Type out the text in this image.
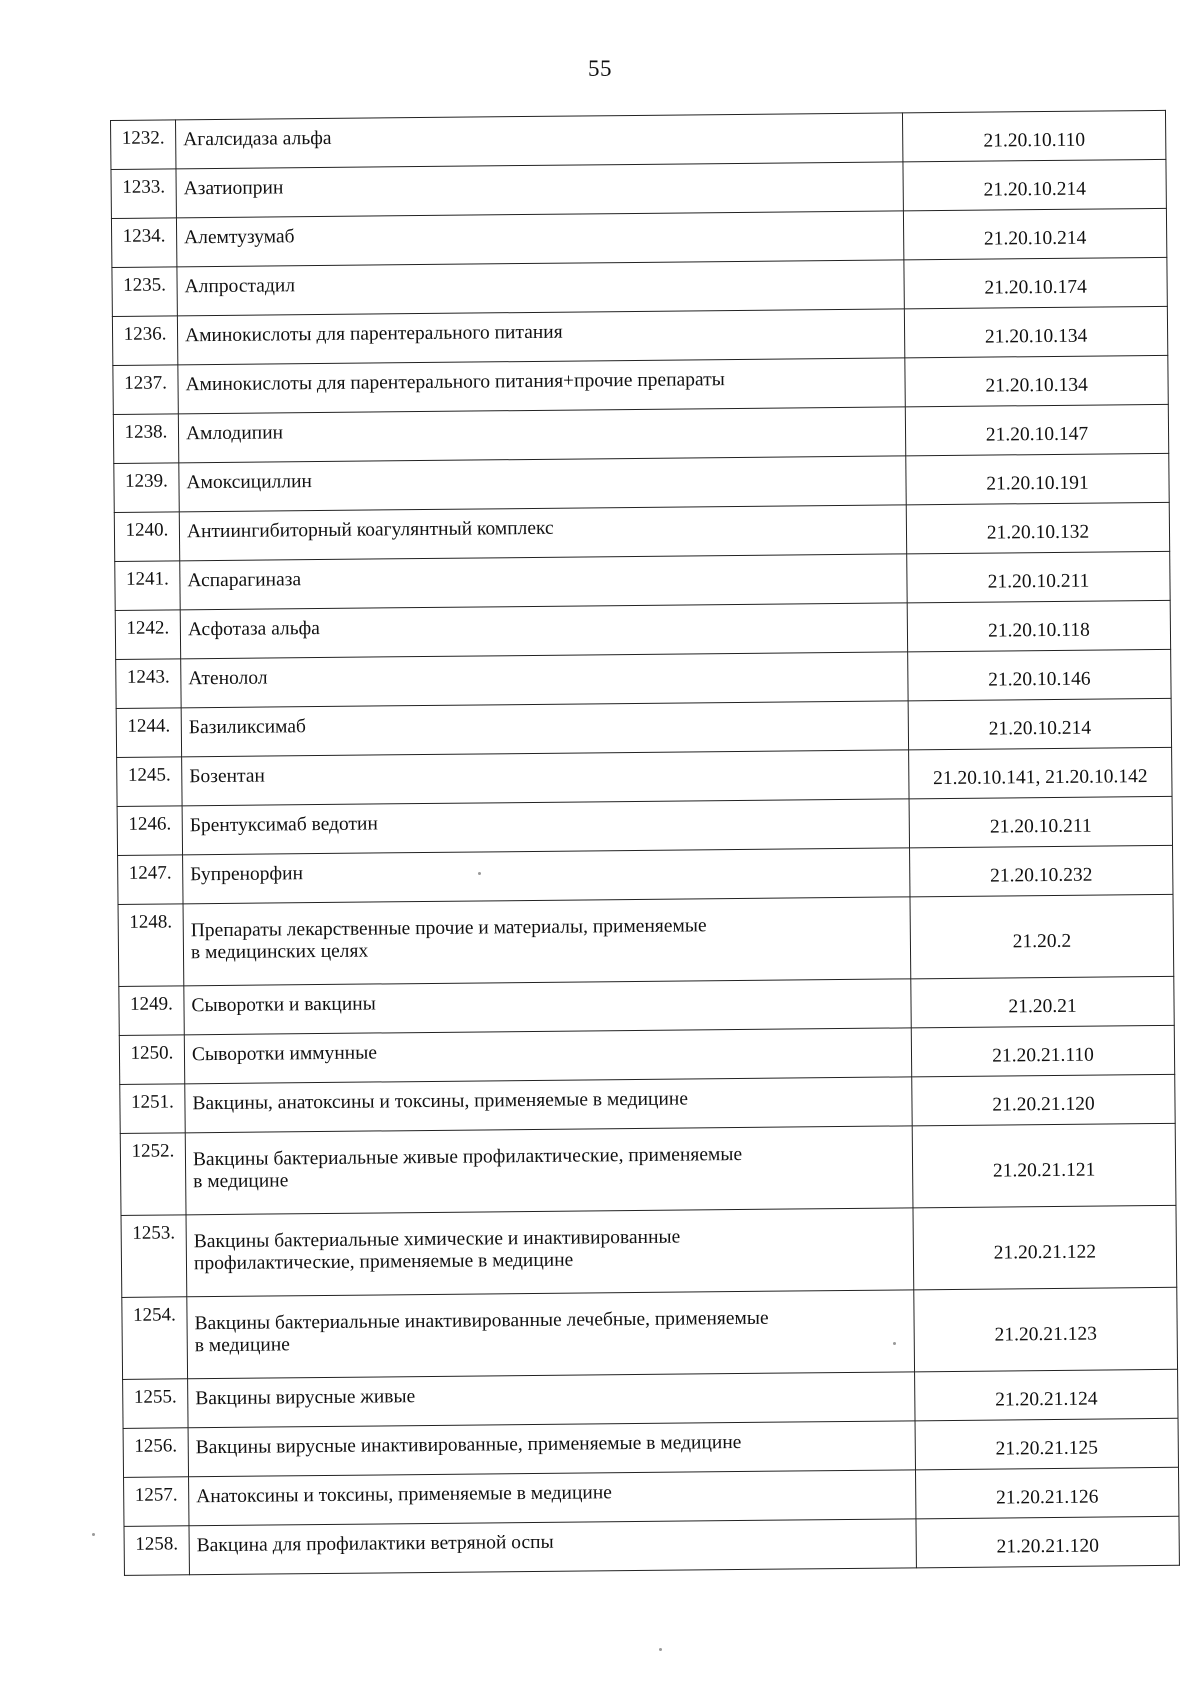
55
1232.	Агалсидаза альфа	21.20.10.110
1233.	Азатиоприн	21.20.10.214
1234.	Алемтузумаб	21.20.10.214
1235.	Алпростадил	21.20.10.174
1236.	Аминокислоты для парентерального питания	21.20.10.134
1237.	Аминокислоты для парентерального питания+прочие препараты	21.20.10.134
1238.	Амлодипин	21.20.10.147
1239.	Амоксициллин	21.20.10.191
1240.	Антиингибиторный коагулянтный комплекс	21.20.10.132
1241.	Аспарагиназа	21.20.10.211
1242.	Асфотаза альфа	21.20.10.118
1243.	Атенолол	21.20.10.146
1244.	Базиликсимаб	21.20.10.214
1245.	Бозентан	21.20.10.141, 21.20.10.142
1246.	Брентуксимаб ведотин	21.20.10.211
1247.	Бупренорфин	21.20.10.232
1248.	Препараты лекарственные прочие и материалы, применяемые
в медицинских целях	21.20.2
1249.	Сыворотки и вакцины	21.20.21
1250.	Сыворотки иммунные	21.20.21.110
1251.	Вакцины, анатоксины и токсины, применяемые в медицине	21.20.21.120
1252.	Вакцины бактериальные живые профилактические, применяемые
в медицине	21.20.21.121
1253.	Вакцины бактериальные химические и инактивированные
профилактические, применяемые в медицине	21.20.21.122
1254.	Вакцины бактериальные инактивированные лечебные, применяемые
в медицине	21.20.21.123
1255.	Вакцины вирусные живые	21.20.21.124
1256.	Вакцины вирусные инактивированные, применяемые в медицине	21.20.21.125
1257.	Анатоксины и токсины, применяемые в медицине	21.20.21.126
1258.	Вакцина для профилактики ветряной оспы	21.20.21.120
